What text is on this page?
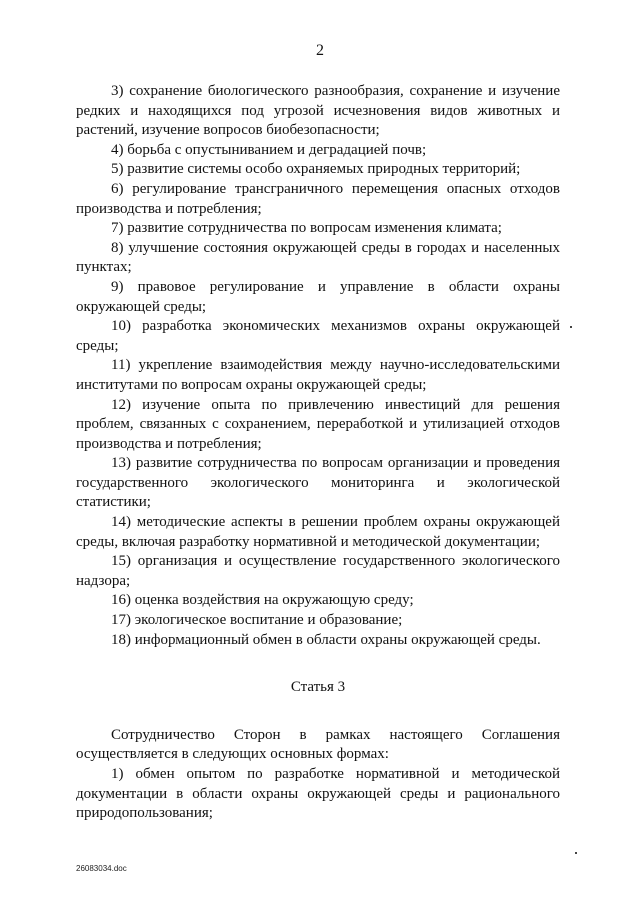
2

3) сохранение биологического разнообразия, сохранение и изучение редких и находящихся под угрозой исчезновения видов животных и растений, изучение вопросов биобезопасности;

4) борьба с опустыниванием и деградацией почв;

5) развитие системы особо охраняемых природных территорий;

6) регулирование трансграничного перемещения опасных отходов производства и потребления;

7) развитие сотрудничества по вопросам изменения климата;

8) улучшение состояния окружающей среды в городах и населенных пунктах;

9) правовое регулирование и управление в области охраны окружающей среды;

10) разработка экономических механизмов охраны окружающей среды;

11) укрепление взаимодействия между научно-исследовательскими институтами по вопросам охраны окружающей среды;

12) изучение опыта по привлечению инвестиций для решения проблем, связанных с сохранением, переработкой и утилизацией отходов производства и потребления;

13) развитие сотрудничества по вопросам организации и проведения государственного экологического мониторинга и экологической статистики;

14) методические аспекты в решении проблем охраны окружающей среды, включая разработку нормативной и методической документации;

15) организация и осуществление государственного экологического надзора;

16) оценка воздействия на окружающую среду;

17) экологическое воспитание и образование;

18) информационный обмен в области охраны окружающей среды.

Статья 3

Сотрудничество Сторон в рамках настоящего Соглашения осуществляется в следующих основных формах:

1) обмен опытом по разработке нормативной и методической документации в области охраны окружающей среды и рационального природопользования;

26083034.doc
